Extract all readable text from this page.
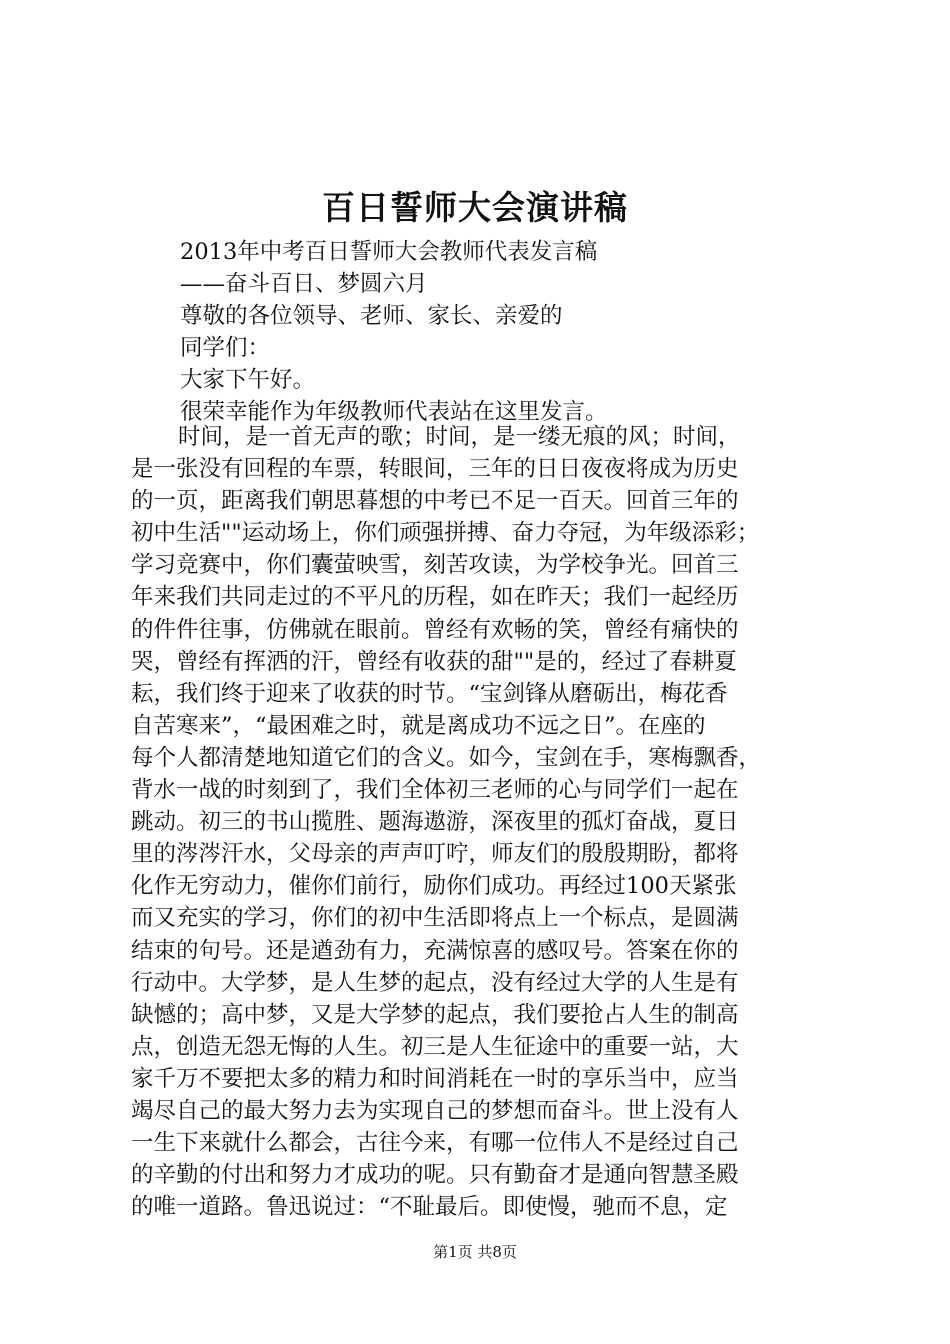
百日誓师大会演讲稿
2013年中考百日誓师大会教师代表发言稿
——奋斗百日、梦圆六月
尊敬的各位领导、老师、家长、亲爱的
同学们：
大家下午好。
很荣幸能作为年级教师代表站在这里发言。
时间，是一首无声的歌；时间，是一缕无痕的风；时间，
是一张没有回程的车票，转眼间，三年的日日夜夜将成为历史
的一页，距离我们朝思暮想的中考已不足一百天。回首三年的
初中生活""运动场上，你们顽强拼搏、奋力夺冠，为年级添彩；
学习竞赛中，你们囊萤映雪，刻苦攻读，为学校争光。回首三
年来我们共同走过的不平凡的历程，如在昨天；我们一起经历
的件件往事，仿佛就在眼前。曾经有欢畅的笑，曾经有痛快的
哭，曾经有挥洒的汗，曾经有收获的甜""是的，经过了春耕夏
耘，我们终于迎来了收获的时节。“宝剑锋从磨砺出，梅花香
自苦寒来”，“最困难之时，就是离成功不远之日”。在座的
每个人都清楚地知道它们的含义。如今，宝剑在手，寒梅飘香，
背水一战的时刻到了，我们全体初三老师的心与同学们一起在
跳动。初三的书山揽胜、题海遨游，深夜里的孤灯奋战，夏日
里的涔涔汗水，父母亲的声声叮咛，师友们的殷殷期盼，都将
化作无穷动力，催你们前行，励你们成功。再经过100天紧张
而又充实的学习，你们的初中生活即将点上一个标点，是圆满
结束的句号。还是遒劲有力，充满惊喜的感叹号。答案在你的
行动中。大学梦，是人生梦的起点，没有经过大学的人生是有
缺憾的；高中梦，又是大学梦的起点，我们要抢占人生的制高
点，创造无怨无悔的人生。初三是人生征途中的重要一站，大
家千万不要把太多的精力和时间消耗在一时的享乐当中，应当
竭尽自己的最大努力去为实现自己的梦想而奋斗。世上没有人
一生下来就什么都会，古往今来，有哪一位伟人不是经过自己
的辛勤的付出和努力才成功的呢。只有勤奋才是通向智慧圣殿
的唯一道路。鲁迅说过：“不耻最后。即使慢，驰而不息，定
第1页 共8页
